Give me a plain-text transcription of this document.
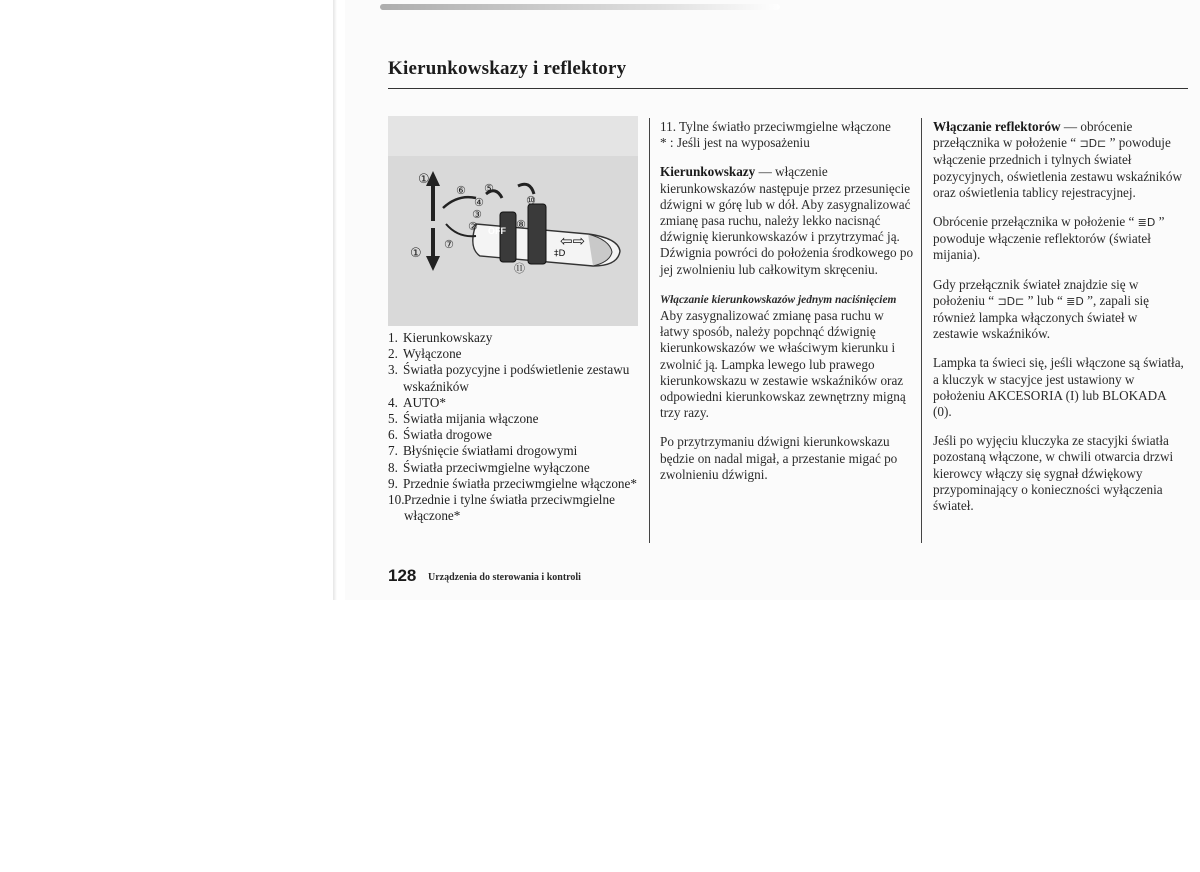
Kierunkowskazy i reflektory
⇦⇨
‡D
OFF
①
①
②
③
④
⑤
⑥
⑦
⑧
⑩
⑪
1. Kierunkowskazy
2. Wyłączone
3. Światła pozycyjne i podświetlenie zestawu wskaźników
4. AUTO*
5. Światła mijania włączone
6. Światła drogowe
7. Błyśnięcie światłami drogowymi
8. Światła przeciwmgielne wyłączone
9. Przednie światła przeciwmgielne włączone*
10. Przednie i tylne światła przeciwmgielne włączone*

11. Tylne światło przeciwmgielne włączone

* : Jeśli jest na wyposażeniu

Kierunkowskazy — włączenie kierunkowskazów następuje przez przesunięcie dźwigni w górę lub w dół. Aby zasygnalizować zmianę pasa ruchu, należy lekko nacisnąć dźwignię kierunkowskazów i przytrzymać ją. Dźwignia powróci do położenia środkowego po jej zwolnieniu lub całkowitym skręceniu.

Włączanie kierunkowskazów jednym naciśnięciem

Aby zasygnalizować zmianę pasa ruchu w łatwy sposób, należy popchnąć dźwignię kierunkowskazów we właściwym kierunku i zwolnić ją. Lampka lewego lub prawego kierunkowskazu w zestawie wskaźników oraz odpowiedni kierunkowskaz zewnętrzny migną trzy razy.

Po przytrzymaniu dźwigni kierunkowskazu będzie on nadal migał, a przestanie migać po zwolnieniu dźwigni.

Włączanie reflektorów — obrócenie przełącznika w położenie “ ⊐D⊏ ” powoduje włączenie przednich i tylnych świateł pozycyjnych, oświetlenia zestawu wskaźników oraz oświetlenia tablicy rejestracyjnej.

Obrócenie przełącznika w położenie “ ≣D ” powoduje włączenie reflektorów (świateł mijania).

Gdy przełącznik świateł znajdzie się w położeniu “ ⊐D⊏ ” lub “ ≣D ”, zapali się również lampka włączonych świateł w zestawie wskaźników.

Lampka ta świeci się, jeśli włączone są światła, a kluczyk w stacyjce jest ustawiony w położeniu AKCESORIA (I) lub BLOKADA (0).

Jeśli po wyjęciu kluczyka ze stacyjki światła pozostaną włączone, w chwili otwarcia drzwi kierowcy włączy się sygnał dźwiękowy przypominający o konieczności wyłączenia świateł.

128 Urządzenia do sterowania i kontroli
